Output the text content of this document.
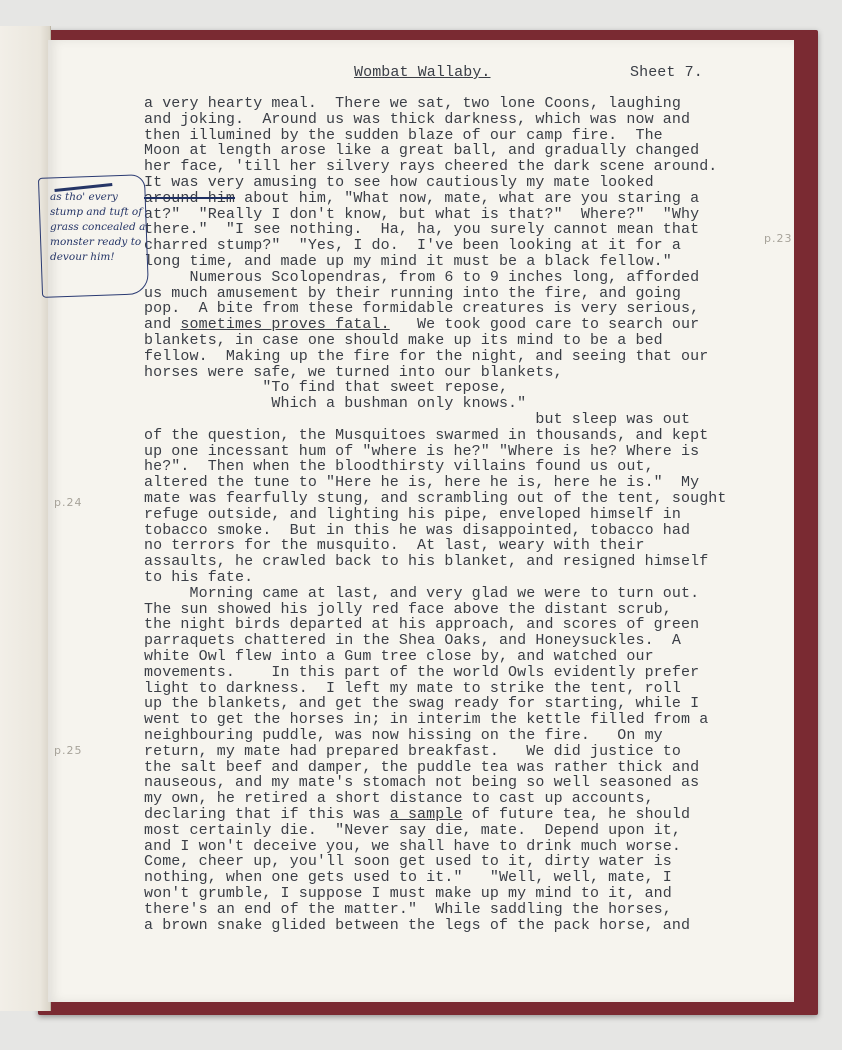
Wombat Wallaby.	Sheet 7.
a very hearty meal.  There we sat, two lone Coons, laughing
and joking.  Around us was thick darkness, which was now and
then illumined by the sudden blaze of our camp fire.  The
Moon at length arose like a great ball, and gradually changed
her face, 'till her silvery rays cheered the dark scene around.
It was very amusing to see how cautiously my mate looked
around him about him, "What now, mate, what are you staring a
at?"  "Really I don't know, but what is that?"  Where?"  "Why
there."  "I see nothing.  Ha, ha, you surely cannot mean that
charred stump?"  "Yes, I do.  I've been looking at it for a
long time, and made up my mind it must be a black fellow."
Numerous Scolopendras, from 6 to 9 inches long, afforded
us much amusement by their running into the fire, and going
pop.  A bite from these formidable creatures is very serious,
and sometimes proves fatal.   We took good care to search our
blankets, in case one should make up its mind to be a bed
fellow.  Making up the fire for the night, and seeing that our
horses were safe, we turned into our blankets,
"To find that sweet repose,
Which a bushman only knows."
but sleep was out
of the question, the Musquitoes swarmed in thousands, and kept
up one incessant hum of "where is he?" "Where is he? Where is
he?".  Then when the bloodthirsty villains found us out,
altered the tune to "Here he is, here he is, here he is."  My
mate was fearfully stung, and scrambling out of the tent, sought
refuge outside, and lighting his pipe, enveloped himself in
tobacco smoke.  But in this he was disappointed, tobacco had
no terrors for the musquito.  At last, weary with their
assaults, he crawled back to his blanket, and resigned himself
to his fate.
Morning came at last, and very glad we were to turn out.
The sun showed his jolly red face above the distant scrub,
the night birds departed at his approach, and scores of green
parraquets chattered in the Shea Oaks, and Honeysuckles.  A
white Owl flew into a Gum tree close by, and watched our
movements.    In this part of the world Owls evidently prefer
light to darkness.  I left my mate to strike the tent, roll
up the blankets, and get the swag ready for starting, while I
went to get the horses in; in interim the kettle filled from a
neighbouring puddle, was now hissing on the fire.   On my
return, my mate had prepared breakfast.   We did justice to
the salt beef and damper, the puddle tea was rather thick and
nauseous, and my mate's stomach not being so well seasoned as
my own, he retired a short distance to cast up accounts,
declaring that if this was a sample of future tea, he should
most certainly die.  "Never say die, mate.  Depend upon it,
and I won't deceive you, we shall have to drink much worse.
Come, cheer up, you'll soon get used to it, dirty water is
nothing, when one gets used to it."   "Well, well, mate, I
won't grumble, I suppose I must make up my mind to it, and
there's an end of the matter."  While saddling the horses,
a brown snake glided between the legs of the pack horse, and
as tho' every stump and tuft of grass concealed a monster ready to devour him!
p.23
p.24
p.25
